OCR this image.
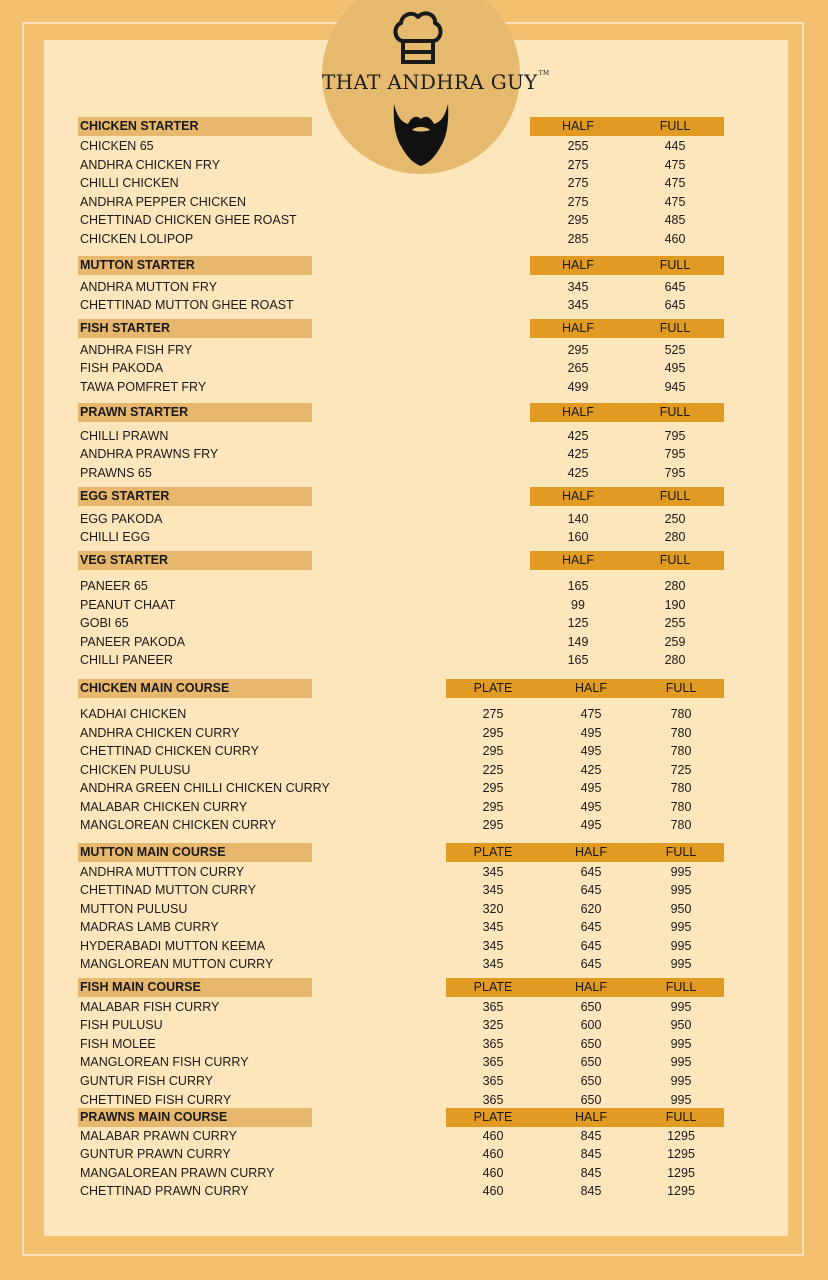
THAT ANDHRA GUY™
CHICKEN STARTER	HALF	FULL
CHICKEN 65	255	445
ANDHRA CHICKEN FRY	275	475
CHILLI CHICKEN	275	475
ANDHRA PEPPER CHICKEN	275	475
CHETTINAD CHICKEN GHEE ROAST	295	485
CHICKEN LOLIPOP	285	460
MUTTON STARTER	HALF	FULL
ANDHRA MUTTON FRY	345	645
CHETTINAD MUTTON GHEE ROAST	345	645
FISH STARTER	HALF	FULL
ANDHRA FISH FRY	295	525
FISH PAKODA	265	495
TAWA POMFRET FRY	499	945
PRAWN STARTER	HALF	FULL
CHILLI PRAWN	425	795
ANDHRA PRAWNS FRY	425	795
PRAWNS 65	425	795
EGG STARTER	HALF	FULL
EGG PAKODA	140	250
CHILLI EGG	160	280
VEG STARTER	HALF	FULL
PANEER 65	165	280
PEANUT CHAAT	99	190
GOBI 65	125	255
PANEER PAKODA	149	259
CHILLI PANEER	165	280
CHICKEN MAIN COURSE	PLATE	HALF	FULL
KADHAI CHICKEN	275	475	780
ANDHRA CHICKEN CURRY	295	495	780
CHETTINAD CHICKEN CURRY	295	495	780
CHICKEN PULUSU	225	425	725
ANDHRA GREEN CHILLI CHICKEN CURRY	295	495	780
MALABAR CHICKEN CURRY	295	495	780
MANGLOREAN CHICKEN CURRY	295	495	780
MUTTON MAIN COURSE	PLATE	HALF	FULL
ANDHRA MUTTTON CURRY	345	645	995
CHETTINAD MUTTON CURRY	345	645	995
MUTTON PULUSU	320	620	950
MADRAS LAMB CURRY	345	645	995
HYDERABADI MUTTON KEEMA	345	645	995
MANGLOREAN MUTTON CURRY	345	645	995
FISH MAIN COURSE	PLATE	HALF	FULL
MALABAR FISH CURRY	365	650	995
FISH PULUSU	325	600	950
FISH MOLEE	365	650	995
MANGLOREAN FISH CURRY	365	650	995
GUNTUR FISH CURRY	365	650	995
CHETTINED FISH CURRY	365	650	995
PRAWNS MAIN COURSE	PLATE	HALF	FULL
MALABAR PRAWN CURRY	460	845	1295
GUNTUR PRAWN CURRY	460	845	1295
MANGALOREAN PRAWN CURRY	460	845	1295
CHETTINAD PRAWN CURRY	460	845	1295
